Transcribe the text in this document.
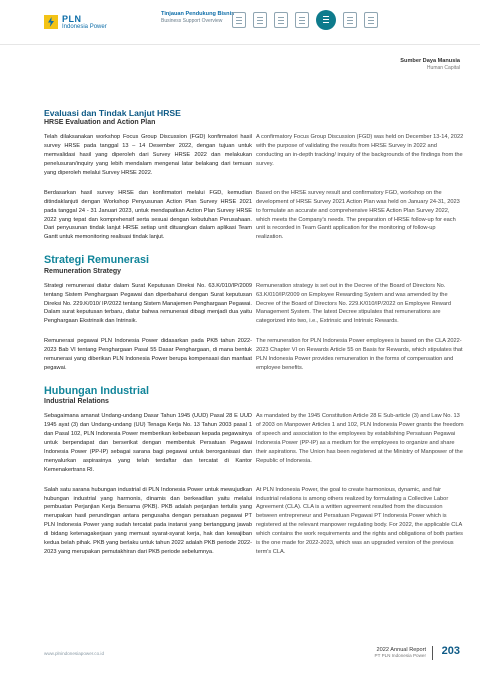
PLN
Indonesia Power
Tinjauan Pendukung Bisnis
Business Support Overview
Sumber Daya Manusia
Human Capital
Evaluasi dan Tindak Lanjut HRSE
HRSE Evaluation and Action Plan
Telah dilaksanakan workshop Focus Group Discussion (FGD) konfirmatori hasil survey HRSE pada tanggal 13 – 14 Desember 2022, dengan tujuan untuk memvalidasi hasil yang diperoleh dari Survey HRSE 2022 dan melakukan penelusuran/inquiry yang lebih mendalam mengenai latar belakang dari temuan yang diperoleh melalui Survey HRSE 2022.
A confirmatory Focus Group Discussion (FGD) was held on December 13-14, 2022 with the purpose of validating the results from HRSE Survey in 2022 and conducting an in-depth tracking/ inquiry of the backgrounds of the findings from the survey.
Berdasarkan hasil survey HRSE dan konfirmatori melalui FGD, kemudian ditindaklanjuti dengan Workshop Penyusunan Action Plan Survey HRSE 2021 pada tanggal 24 - 31 Januari 2023, untuk mendapatkan Action Plan Survey HRSE 2022 yang tepat dan komprehensif serta sesuai dengan kebutuhan Perusahaan. Dari penyusunan tindak lanjut HRSE setiap unit dituangkan dalam aplikasi Team Gantt untuk memonitoring realisasi tindak lanjut.
Based on the HRSE survey result and confirmatory FGD, workshop on the development of HRSE Survey 2021 Action Plan was held on January 24-31, 2023 to formulate an accurate and comprehensive HRSE Action Plan Survey 2022, which meets the Company's needs. The preparation of HRSE follow-up for each unit is recorded in Team Gantt application for the monitoring of follow-up realization.
Strategi Remunerasi
Remuneration Strategy
Strategi remunerasi diatur dalam Surat Keputusan Direksi No. 63.K/010/IP/2009 tentang Sistem Penghargaan Pegawai dan diperbaharui dengan Surat keputusan Direksi No. 229.K/010/ IP/2022 tentang Sistem Manajemen Penghargaan Pegawai. Dalam surat keputusan terbaru, diatur bahwa remunerasi dibagi menjadi dua yaitu Penghargaan Ekstrinsik dan Intrinsik.
Remuneration strategy is set out in the Decree of the Board of Directors No. 63.K/010/IP/2009 on Employee Rewarding System and was amended by the Decree of the Board of Directors No. 229.K/010/IP/2022 on Employee Reward Management System. The latest Decree stipulates that remunerations are categorized into two, i.e., Extrinsic and Intrinsic Rewards.
Remunerasi pegawai PLN Indonesia Power didasarkan pada PKB tahun 2022-2023 Bab VI tentang Penghargaan Pasal 55 Dasar Penghargaan, di mana bentuk remunerasi yang diberikan PLN Indonesia Power berupa kompensasi dan manfaat pegawai.
The remuneration for PLN Indonesia Power employees is based on the CLA 2022-2023 Chapter VI on Rewards Article 55 on Basis for Rewards, which stipulates that PLN Indonesia Power provides remuneration in the forms of compensation and employee benefits.
Hubungan Industrial
Industrial Relations
Sebagaimana amanat Undang-undang Dasar Tahun 1945 (UUD) Pasal 28 E UUD 1945 ayat (3) dan Undang-undang (UU) Tenaga Kerja No. 13 Tahun 2003 pasal 1 dan Pasal 102, PLN Indonesia Power memberikan kebebasan kepada pegawainya untuk berpendapat dan berserikat dengan membentuk Persatuan Pegawai Indonesia Power (PP-IP) sebagai sarana bagi pegawai untuk berorganisasi dan menyalurkan aspirasinya yang telah terdaftar dan tercatat di Kantor Kemenakertrans RI.
As mandated by the 1945 Constitution Article 28 E Sub-article (3) and Law No. 13 of 2003 on Manpower Articles 1 and 102, PLN Indonesia Power grants the freedom of speech and association to the employees by establishing Persatuan Pegawai Indonesia Power (PP-IP) as a medium for the employees to organize and share their aspirations. The Union has been registered at the Ministry of Manpower of the Republic of Indonesia.
Salah satu sarana hubungan industrial di PLN Indonesia Power untuk mewujudkan hubungan industrial yang harmonis, dinamis dan berkeadilan yaitu melalui pembuatan Perjanjian Kerja Bersama (PKB). PKB adalah perjanjian tertulis yang merupakan hasil perundingan antara pengusaha dengan persatuan pegawai PT PLN Indonesia Power yang sudah tercatat pada instansi yang bertanggung jawab di bidang ketenagakerjaan yang memuat syarat-syarat kerja, hak dan kewajiban kedua belah pihak. PKB yang berlaku untuk tahun 2022 adalah PKB periode 2022-2023 yang merupakan pemutakhiran dari PKB periode sebelumnya.
At PLN Indonesia Power, the goal to create harmonious, dynamic, and fair industrial relations is among others realized by formulating a Collective Labor Agreement (CLA). CLA is a written agreement resulted from the discussion between entrepreneur and Persatuan Pegawai PT Indonesia Power which is registered at the relevant manpower regulating body. For 2022, the applicable CLA which contains the work requirements and the rights and obligations of both parties is the one made for 2022-2023, which was an upgraded version of the previous term's CLA.
www.plnindonesiapower.co.id
2022 Annual Report
PT PLN Indonesia Power 203
